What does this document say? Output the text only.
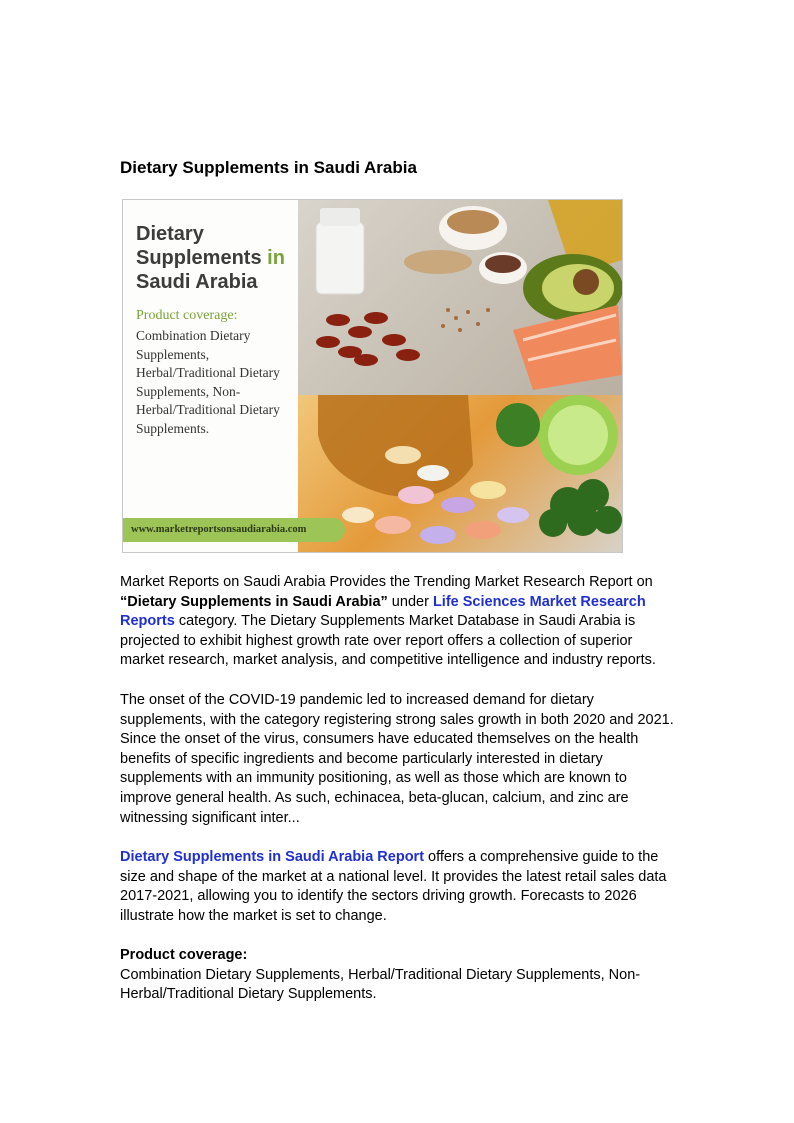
Dietary Supplements in Saudi Arabia
Dietary Supplements in Saudi Arabia
Product coverage:
Combination Dietary Supplements, Herbal/Traditional Dietary Supplements, Non-Herbal/Traditional Dietary Supplements.
www.marketreportsonsaudiarabia.com

Market Reports on Saudi Arabia Provides the Trending Market Research Report on “Dietary Supplements in Saudi Arabia” under Life Sciences Market Research Reports category. The Dietary Supplements Market Database in Saudi Arabia is projected to exhibit highest growth rate over report offers a collection of superior market research, market analysis, and competitive intelligence and industry reports.

The onset of the COVID-19 pandemic led to increased demand for dietary supplements, with the category registering strong sales growth in both 2020 and 2021. Since the onset of the virus, consumers have educated themselves on the health benefits of specific ingredients and become particularly interested in dietary supplements with an immunity positioning, as well as those which are known to improve general health. As such, echinacea, beta-glucan, calcium, and zinc are witnessing significant inter...

Dietary Supplements in Saudi Arabia Report offers a comprehensive guide to the size and shape of the market at a national level. It provides the latest retail sales data 2017-2021, allowing you to identify the sectors driving growth. Forecasts to 2026 illustrate how the market is set to change.

Product coverage:
Combination Dietary Supplements, Herbal/Traditional Dietary Supplements, Non-Herbal/Traditional Dietary Supplements.
